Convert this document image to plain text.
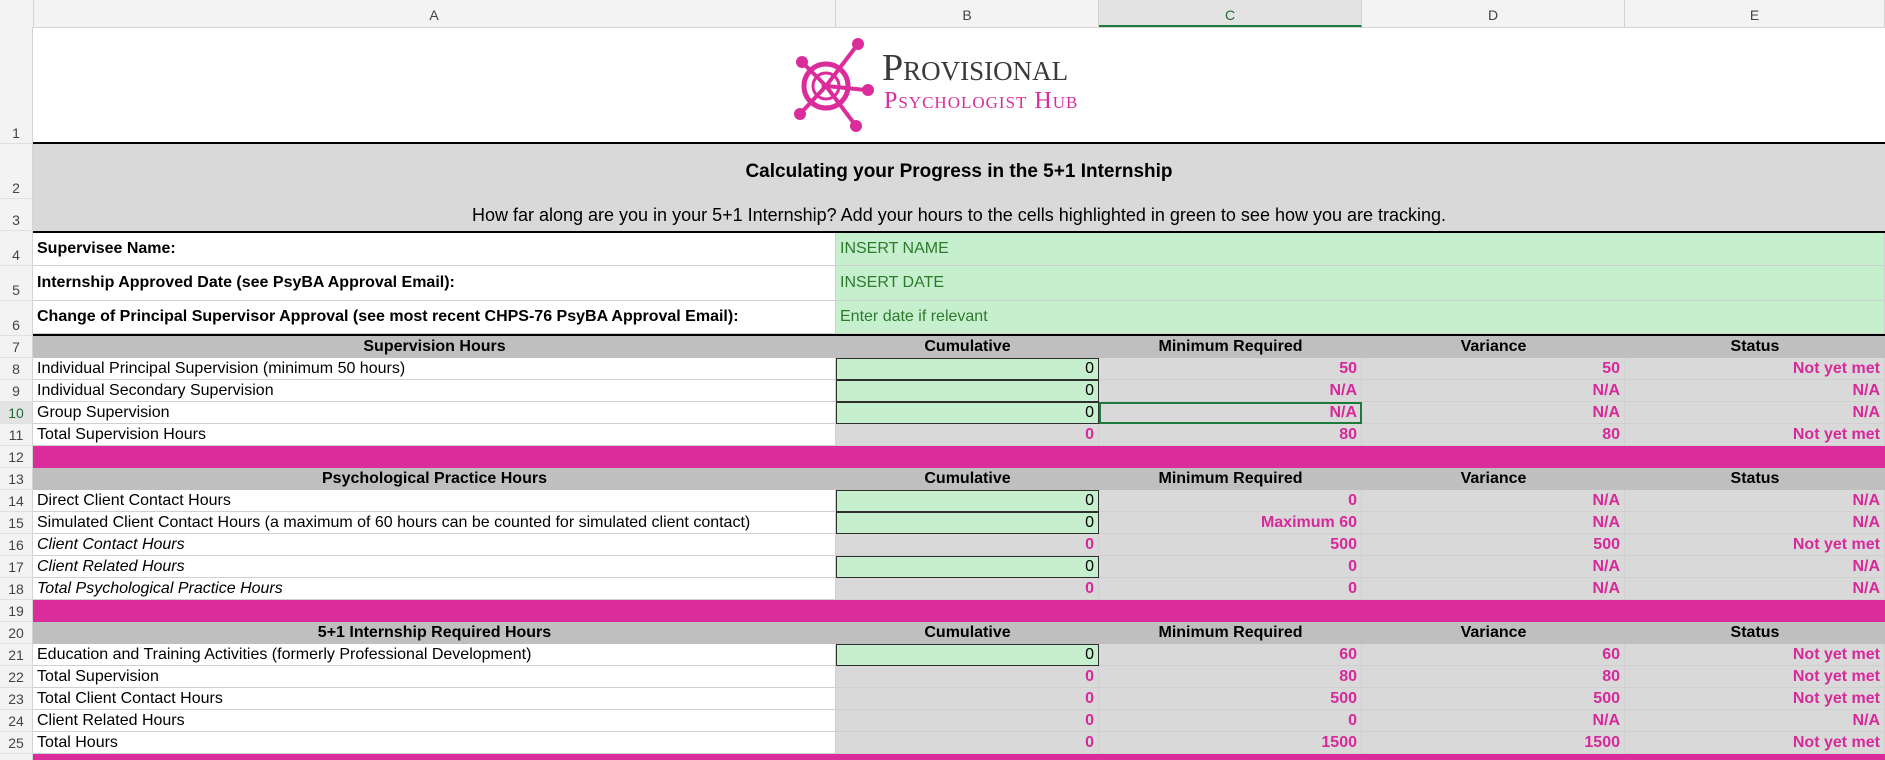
A	B	C	D	E
1
2
3
4
5
6
7
8
9
10
11
12
13
14
15
16
17
18
19
20
21
22
23
24
25
H Provisional
Psychologist Hub
Calculating your Progress in the 5+1 Internship
How far along are you in your 5+1 Internship? Add your hours to the cells highlighted in green to see how you are tracking.
Supervisee Name:	INSERT NAME
Internship Approved Date (see PsyBA Approval Email):	INSERT DATE
Change of Principal Supervisor Approval (see most recent CHPS-76 PsyBA Approval Email):	Enter date if relevant
Supervision Hours	Cumulative	Minimum Required	Variance	Status
Individual Principal Supervision (minimum 50 hours)	0	50	50	Not yet met
Individual Secondary Supervision	0	N/A	N/A	N/A
Group Supervision	0	N/A	N/A	N/A
Total Supervision Hours	0	80	80	Not yet met
Psychological Practice Hours	Cumulative	Minimum Required	Variance	Status
Direct Client Contact Hours	0	0	N/A	N/A
Simulated Client Contact Hours (a maximum of 60 hours can be counted for simulated client contact)	0	Maximum 60	N/A	N/A
Client Contact Hours	0	500	500	Not yet met
Client Related Hours	0	0	N/A	N/A
Total Psychological Practice Hours	0	0	N/A	N/A
5+1 Internship Required Hours	Cumulative	Minimum Required	Variance	Status
Education and Training Activities (formerly Professional Development)	0	60	60	Not yet met
Total Supervision	0	80	80	Not yet met
Total Client Contact Hours	0	500	500	Not yet met
Client Related Hours	0	0	N/A	N/A
Total Hours	0	1500	1500	Not yet met
